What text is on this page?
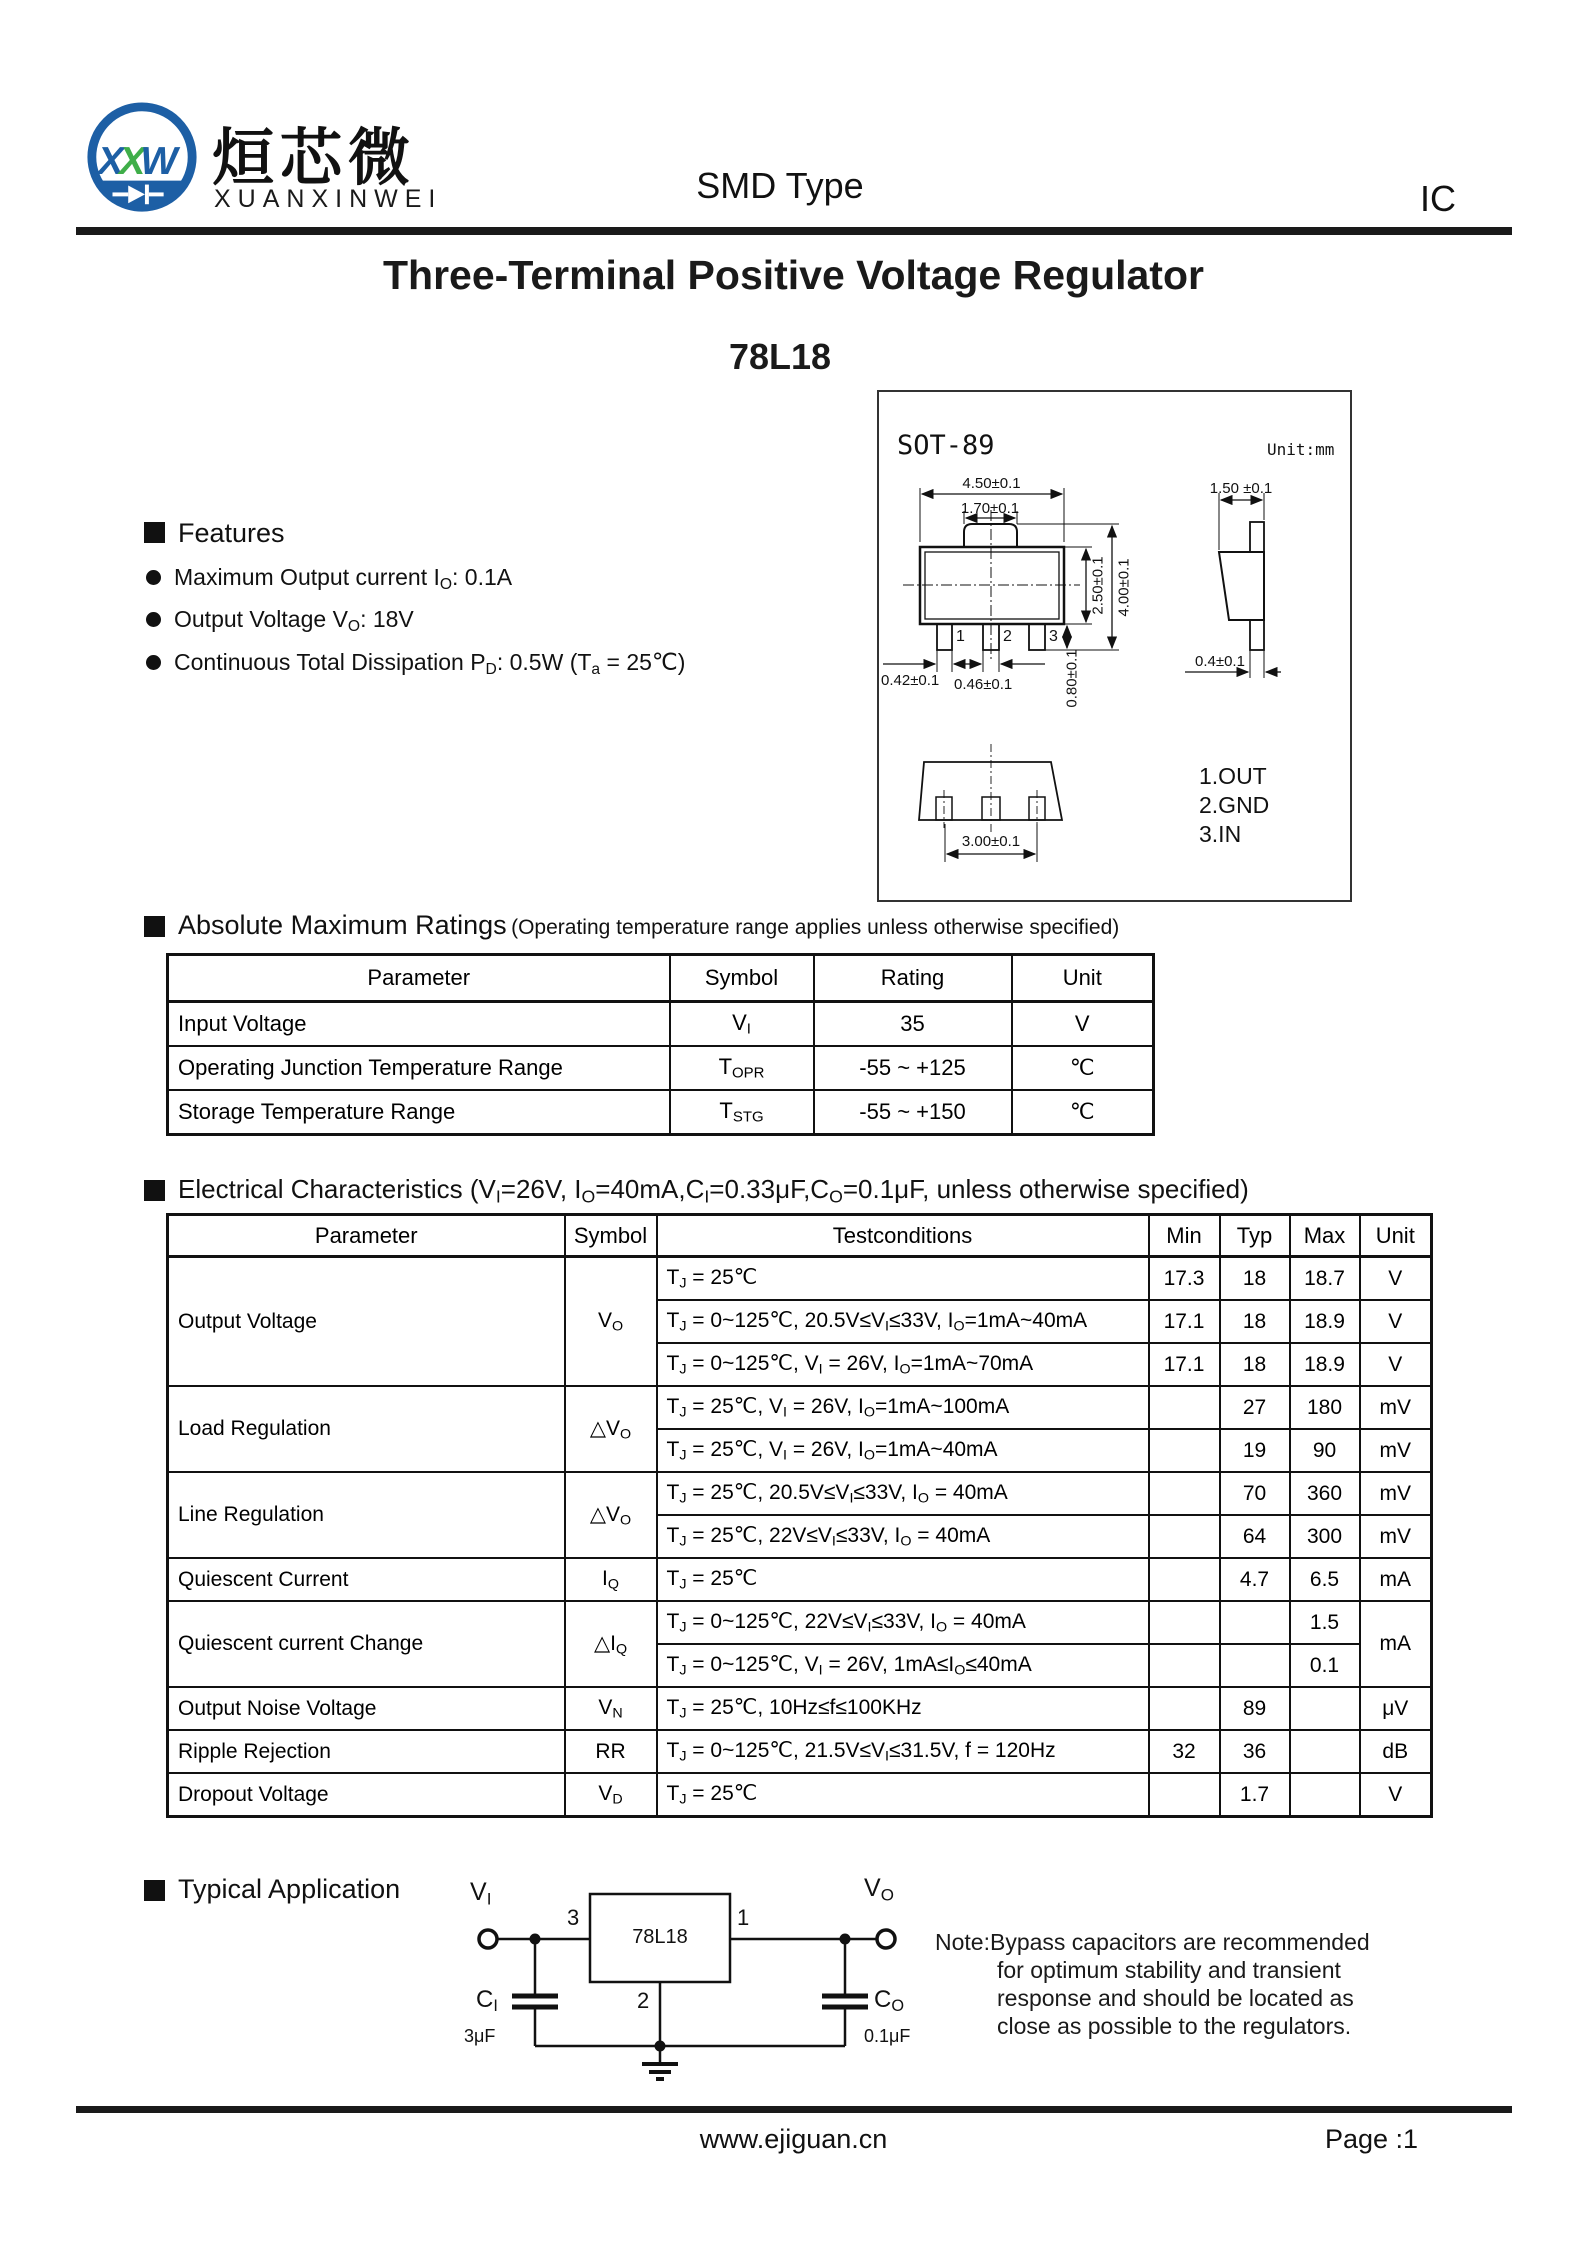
XXW 烜芯微
XUANXINWEI	SMD Type	IC
Three-Terminal Positive Voltage Regulator
78L18
SOT-89	Unit:mm
4.50±0.1
1.70±0.1
2.50±0.1 4.00±0.1
0.42±0.1 0.46±0.1	0.80±0.1
1.50 ±0.1
0.4±0.1
3.00±0.1
1 2 3
1.OUT
2.GND
3.IN
Features
Maximum Output current $I_O$: 0.1A
Output Voltage $V_O$: 18V
Continuous Total Dissipation $P_D$: 0.5W ($T_a$ = 25℃)
Absolute Maximum Ratings (Operating temperature range applies unless otherwise specified)
Parameter	Symbol	Rating	Unit
Input Voltage	$V_I$	35	V
Operating Junction Temperature Range	$T_{OPR}$	-55 ~ +125	℃
Storage Temperature Range	$T_{STG}$	-55 ~ +150	℃
Electrical Characteristics ($V_I=26V$, $I_O=40mA,C_I=0.33\mu F,C_O=0.1\mu F$, unless otherwise specified)
Parameter	Symbol	Testconditions	Min	Typ	Max	Unit
Output Voltage	$V_O$	$T_J$ = 25℃	17.3	18	18.7	V
		$T_J$ = 0~125℃, $20.5V\le V_I\le 33V$, $I_O=1mA\sim 40mA$	17.1	18	18.9	V
		$T_J$ = 0~125℃, $V_I = 26V$, $I_O=1mA\sim 70mA$	17.1	18	18.9	V
Load Regulation	$\triangle V_O$	$T_J$ = 25℃, $V_I = 26V$, $I_O=1mA\sim 100mA$		27	180	mV
		$T_J$ = 25℃, $V_I = 26V$, $I_O=1mA\sim 40mA$		19	90	mV
Line Regulation	$\triangle V_O$	$T_J$ = 25℃, $20.5V\le V_I\le 33V$, $I_O = 40mA$		70	360	mV
		$T_J$ = 25℃, $22V\le V_I\le 33V$, $I_O = 40mA$		64	300	mV
Quiescent Current	$I_Q$	$T_J$ = 25℃		4.7	6.5	mA
Quiescent current Change	$\triangle I_Q$	$T_J$ = 0~125℃, $22V\le V_I\le 33V$, $I_O = 40mA$			1.5	mA
		$T_J$ = 0~125℃, $V_I = 26V$, $1mA\le I_O\le 40mA$			0.1	
Output Noise Voltage	$V_N$	$T_J$ = 25℃, 10Hz≤f≤100KHz		89		μV
Ripple Rejection	RR	$T_J$ = 0~125℃, $21.5V\le V_I\le 31.5V$, f = 120Hz	32	36		dB
Dropout Voltage	$V_D$	$T_J$ = 25℃		1.7		V
Typical Application	$V_I$	$V_O$
3	1
2
78L18
$C_I$
3μF
$C_O$
0.1μF
Note:Bypass capacitors are recommended
for optimum stability and transient
response and should be located as
close as possible to the regulators.
www.ejiguan.cn	Page :1
